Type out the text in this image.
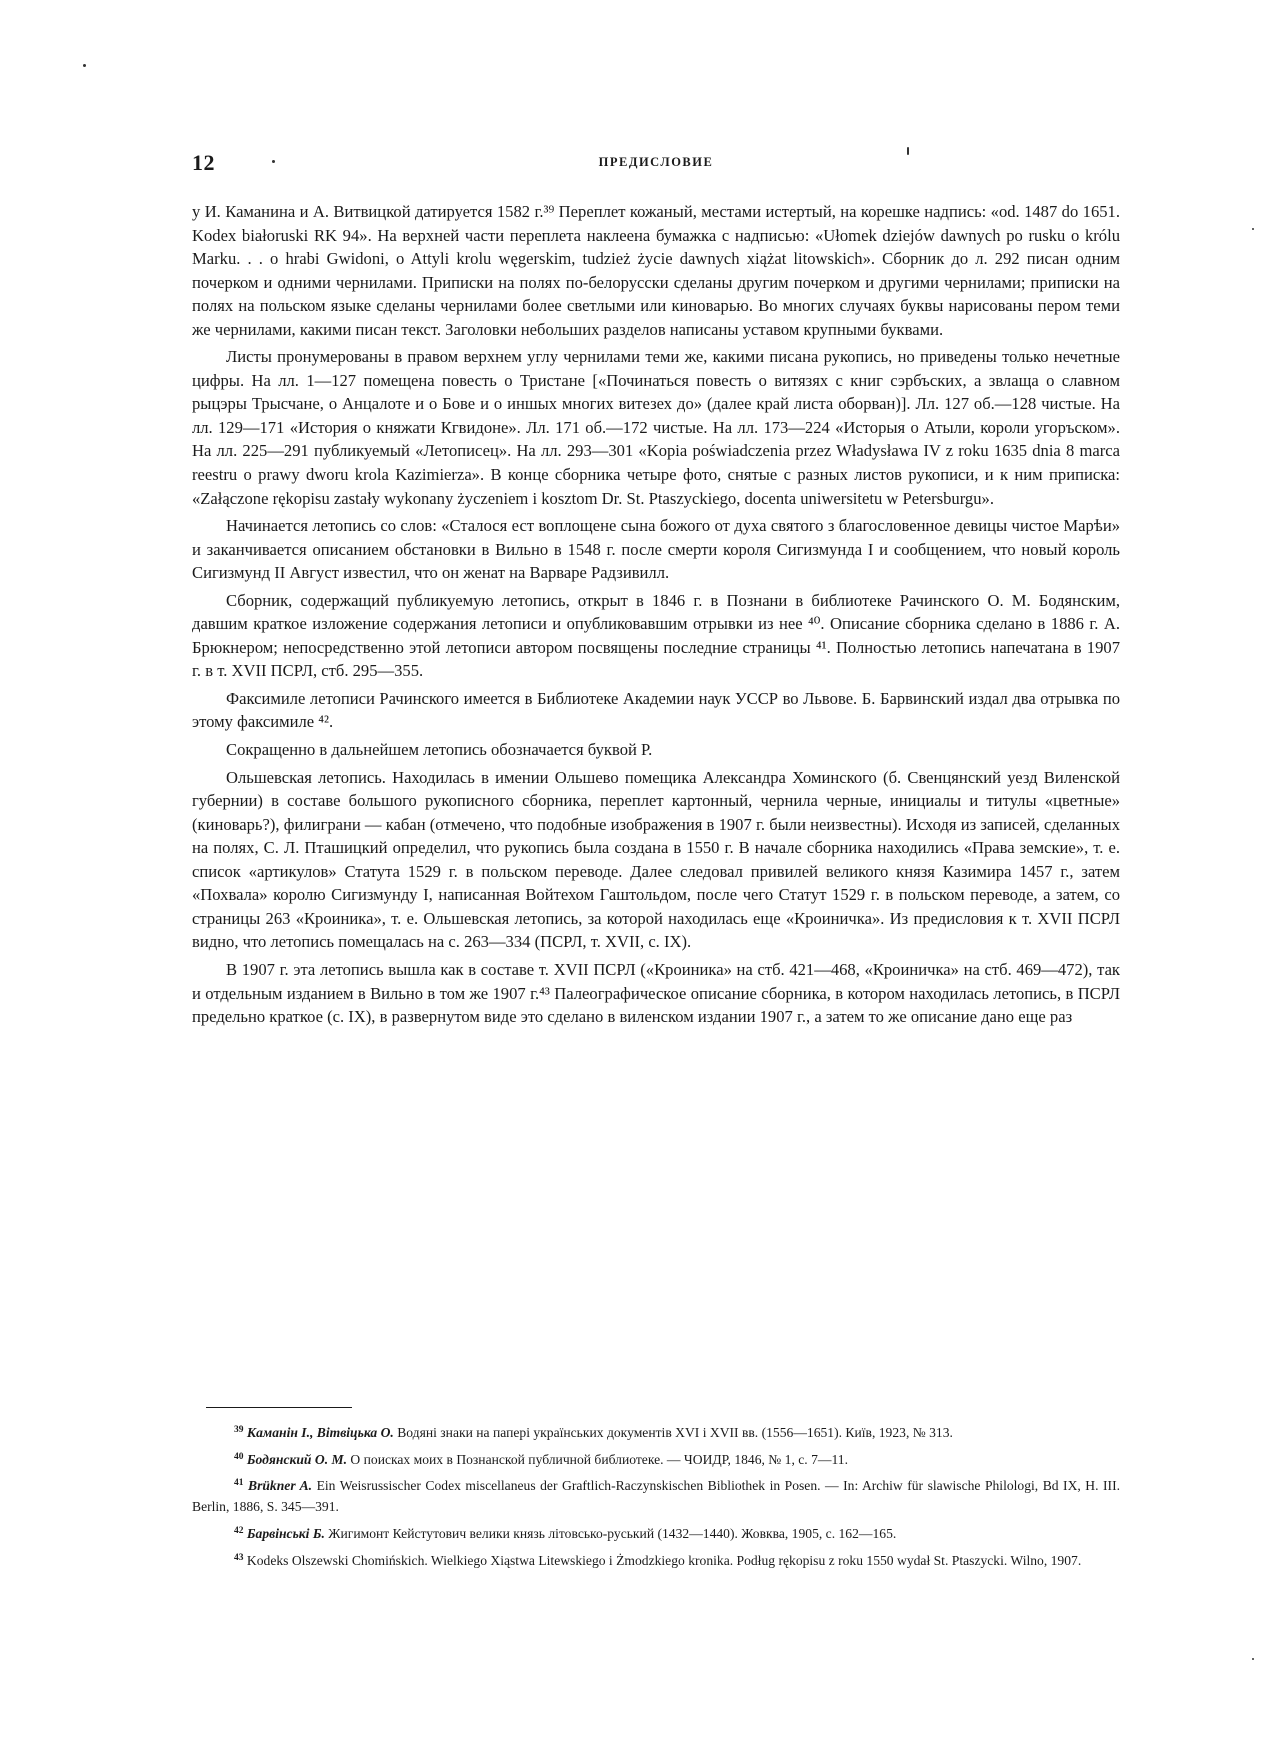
12	ПРЕДИСЛОВИЕ

у И. Каманина и А. Витвицкой датируется 1582 г.³⁹ Переплет кожаный, местами истертый, на корешке надпись: «od. 1487 do 1651. Kodex białoruski RK 94». На верхней части переплета наклеена бумажка с надписью: «Ułomek dziejów dawnych po rusku o królu Marku. . . o hrabi Gwidoni, o Attyli krolu węgerskim, tudzież życie dawnych xiążat litowskich». Сборник до л. 292 писан одним почерком и одними чернилами. Приписки на полях по-белорусски сделаны другим почерком и другими чернилами; приписки на полях на польском языке сделаны чернилами более светлыми или киноварью. Во многих случаях буквы нарисованы пером теми же чернилами, какими писан текст. Заголовки небольших разделов написаны уставом крупными буквами.

Листы пронумерованы в правом верхнем углу чернилами теми же, какими писана рукопись, но приведены только нечетные цифры. На лл. 1—127 помещена повесть о Тристане [«Починаться повесть о витязях с книг сэрбъских, а звлаща о славном рыцэры Трысчане, о Анцалоте и о Бове и о иншых многих витезех до» (далее край листа оборван)]. Лл. 127 об.—128 чистые. На лл. 129—171 «История о княжати Кгвидоне». Лл. 171 об.—172 чистые. На лл. 173—224 «Исторыя о Атыли, короли угоръском». На лл. 225—291 публикуемый «Летописец». На лл. 293—301 «Kopia poświadczenia przez Władysława IV z roku 1635 dnia 8 marca reestru o prawy dworu krola Kazimierza». В конце сборника четыре фото, снятые с разных листов рукописи, и к ним приписка: «Załączone rękopisu zastały wykonany życzeniem i kosztom Dr. St. Ptaszyckiego, docenta uniwersitetu w Petersburgu».

Начинается летопись со слов: «Сталося ест воплощене сына божого от духа святого з благословенное девицы чистое Марѣи» и заканчивается описанием обстановки в Вильно в 1548 г. после смерти короля Сигизмунда I и сообщением, что новый король Сигизмунд II Август известил, что он женат на Варваре Радзивилл.

Сборник, содержащий публикуемую летопись, открыт в 1846 г. в Познани в библиотеке Рачинского О. М. Бодянским, давшим краткое изложение содержания летописи и опубликовавшим отрывки из нее ⁴⁰. Описание сборника сделано в 1886 г. А. Брюкнером; непосредственно этой летописи автором посвящены последние страницы ⁴¹. Полностью летопись напечатана в 1907 г. в т. XVII ПСРЛ, стб. 295—355.

Факсимиле летописи Рачинского имеется в Библиотеке Академии наук УССР во Львове. Б. Барвинский издал два отрывка по этому факсимиле ⁴².

Сокращенно в дальнейшем летопись обозначается буквой Р.

Ольшевская летопись. Находилась в имении Ольшево помещика Александра Хоминского (б. Свенцянский уезд Виленской губернии) в составе большого рукописного сборника, переплет картонный, чернила черные, инициалы и титулы «цветные» (киноварь?), филиграни — кабан (отмечено, что подобные изображения в 1907 г. были неизвестны). Исходя из записей, сделанных на полях, С. Л. Пташицкий определил, что рукопись была создана в 1550 г. В начале сборника находились «Права земские», т. е. список «артикулов» Статута 1529 г. в польском переводе. Далее следовал привилей великого князя Казимира 1457 г., затем «Похвала» королю Сигизмунду I, написанная Войтехом Гаштольдом, после чего Статут 1529 г. в польском переводе, а затем, со страницы 263 «Кроиника», т. е. Ольшевская летопись, за которой находилась еще «Кроиничка». Из предисловия к т. XVII ПСРЛ видно, что летопись помещалась на с. 263—334 (ПСРЛ, т. XVII, с. IX).

В 1907 г. эта летопись вышла как в составе т. XVII ПСРЛ («Кроиника» на стб. 421—468, «Кроиничка» на стб. 469—472), так и отдельным изданием в Вильно в том же 1907 г.⁴³ Палеографическое описание сборника, в котором находилась летопись, в ПСРЛ предельно краткое (с. IX), в развернутом виде это сделано в виленском издании 1907 г., а затем то же описание дано еще раз

$^{39}$ Каманін І., Вітвіцька О. Водяні знаки на папері українських документів XVI і XVII вв. (1556—1651). Київ, 1923, № 313.

$^{40}$ Бодянский О. М. О поисках моих в Познанской публичной библиотеке. — ЧОИДР, 1846, № 1, с. 7—11.

$^{41}$ Brükner A. Ein Weisrussischer Codex miscellaneus der Graftlich-Raczynskischen Bibliothek in Posen. — In: Archiw für slawische Philologi, Bd IX, H. III. Berlin, 1886, S. 345—391.

$^{42}$ Барвінські Б. Жигимонт Кейстутович велики князь літовсько-руський (1432—1440). Жовква, 1905, с. 162—165.

$^{43}$ Kodeks Olszewski Chomińskich. Wielkiego Xiąstwa Litewskiego i Żmodzkiego kronika. Podług rękopisu z roku 1550 wydał St. Ptaszycki. Wilno, 1907.
